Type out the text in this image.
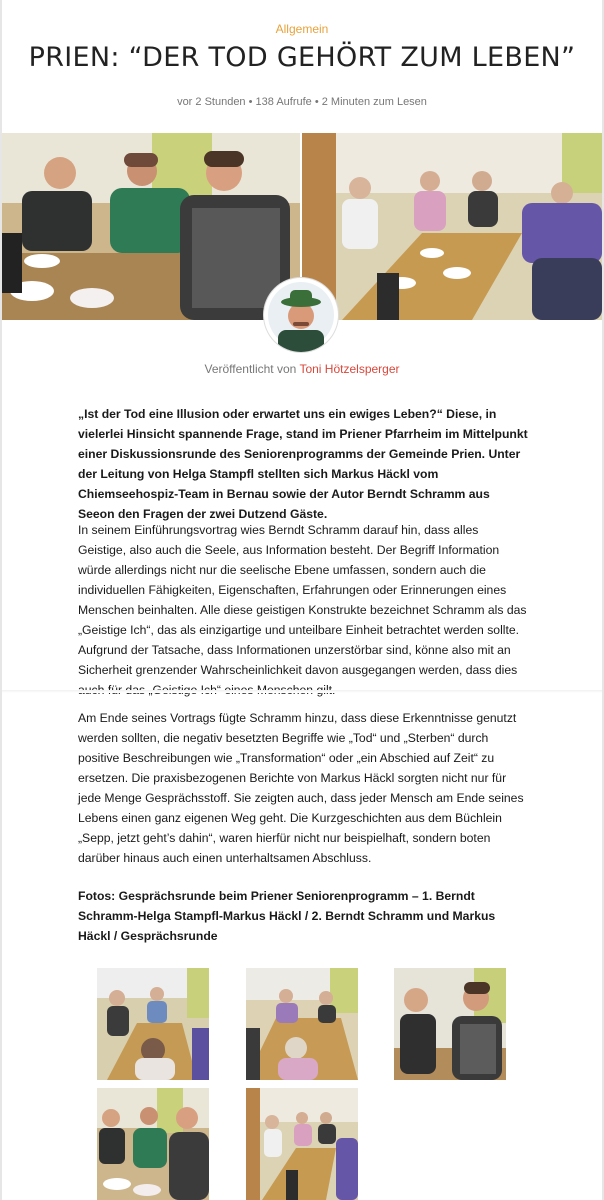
Allgemein
PRIEN: “DER TOD GEHÖRT ZUM LEBEN”
vor 2 Stunden • 138 Aufrufe • 2 Minuten zum Lesen
Veröffentlicht von Toni Hötzelsperger

„Ist der Tod eine Illusion oder erwartet uns ein ewiges Leben?“ Diese, in vielerlei Hinsicht spannende Frage, stand im Priener Pfarrheim im Mittelpunkt einer Diskussionsrunde des Seniorenprogramms der Gemeinde Prien. Unter der Leitung von Helga Stampfl stellten sich Markus Häckl vom Chiemseehospiz-Team in Bernau sowie der Autor Berndt Schramm aus Seeon den Fragen der zwei Dutzend Gäste.

In seinem Einführungsvortrag wies Berndt Schramm darauf hin, dass alles Geistige, also auch die Seele, aus Information besteht. Der Begriff Information würde allerdings nicht nur die seelische Ebene umfassen, sondern auch die individuellen Fähigkeiten, Eigenschaften, Erfahrungen oder Erinnerungen eines Menschen beinhalten. Alle diese geistigen Konstrukte bezeichnet Schramm als das „Geistige Ich“, das als einzigartige und unteilbare Einheit betrachtet werden sollte. Aufgrund der Tatsache, dass Informationen unzerstörbar sind, könne also mit an Sicherheit grenzender Wahrscheinlichkeit davon ausgegangen werden, dass dies

Am Ende seines Vortrags fügte Schramm hinzu, dass diese Erkenntnisse genutzt werden sollten, die negativ besetzten Begriffe wie „Tod“ und „Sterben“ durch positive Beschreibungen wie „Transformation“ oder „ein Abschied auf Zeit“ zu ersetzen. Die praxisbezogenen Berichte von Markus Häckl sorgten nicht nur für jede Menge Gesprächsstoff. Sie zeigten auch, dass jeder Mensch am Ende seines Lebens einen ganz eigenen Weg geht. Die Kurzgeschichten aus dem Büchlein „Sepp, jetzt geht’s dahin“, waren hierfür nicht nur beispielhaft, sondern boten darüber hinaus auch einen unterhaltsamen Abschluss.

Fotos: Gesprächsrunde beim Priener Seniorenprogramm – 1. Berndt Schramm-Helga Stampfl-Markus Häckl / 2. Berndt Schramm und Markus Häckl / Gesprächsrunde
